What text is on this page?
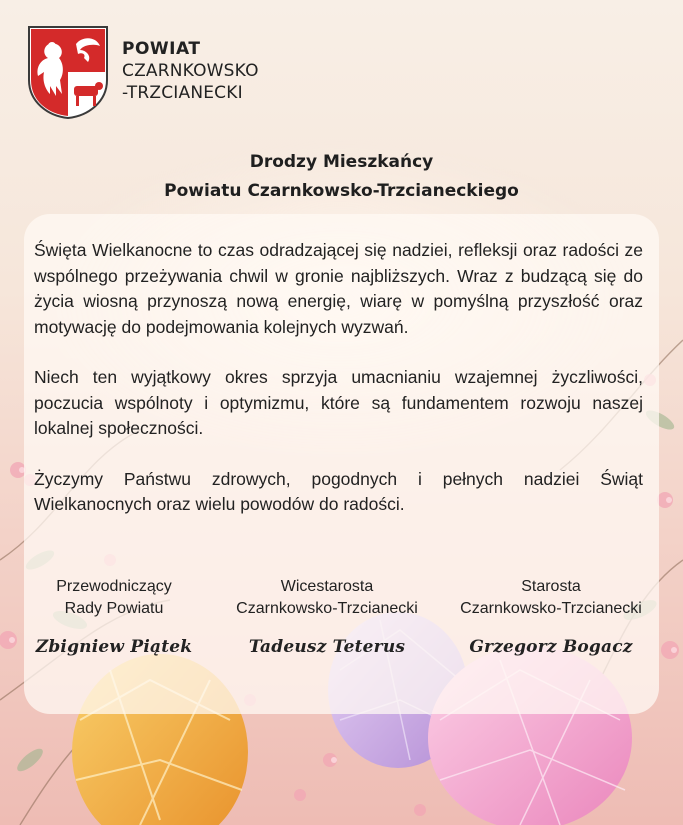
POWIAT
CZARNKOWSKO
-TRZCIANECKI
Drodzy Mieszkańcy
Powiatu Czarnkowsko-Trzcianeckiego

Święta Wielkanocne to czas odradzającej się nadziei, refleksji oraz radości ze wspólnego przeżywania chwil w gronie najbliższych. Wraz z budzącą się do życia wiosną przynoszą nową energię, wiarę w pomyślną przyszłość oraz motywację do podejmowania kolejnych wyzwań.

Niech ten wyjątkowy okres sprzyja umacnianiu wzajemnej życzliwości, poczucia wspólnoty i optymizmu, które są fundamentem rozwoju naszej lokalnej społeczności.

Życzymy Państwu zdrowych, pogodnych i pełnych nadziei Świąt Wielkanocnych oraz wielu powodów do radości.

Przewodniczący
Rady Powiatu
Zbigniew Piątek
Wicestarosta
Czarnkowsko-Trzcianecki
Tadeusz Teterus
Starosta
Czarnkowsko-Trzcianecki
Grzegorz Bogacz
